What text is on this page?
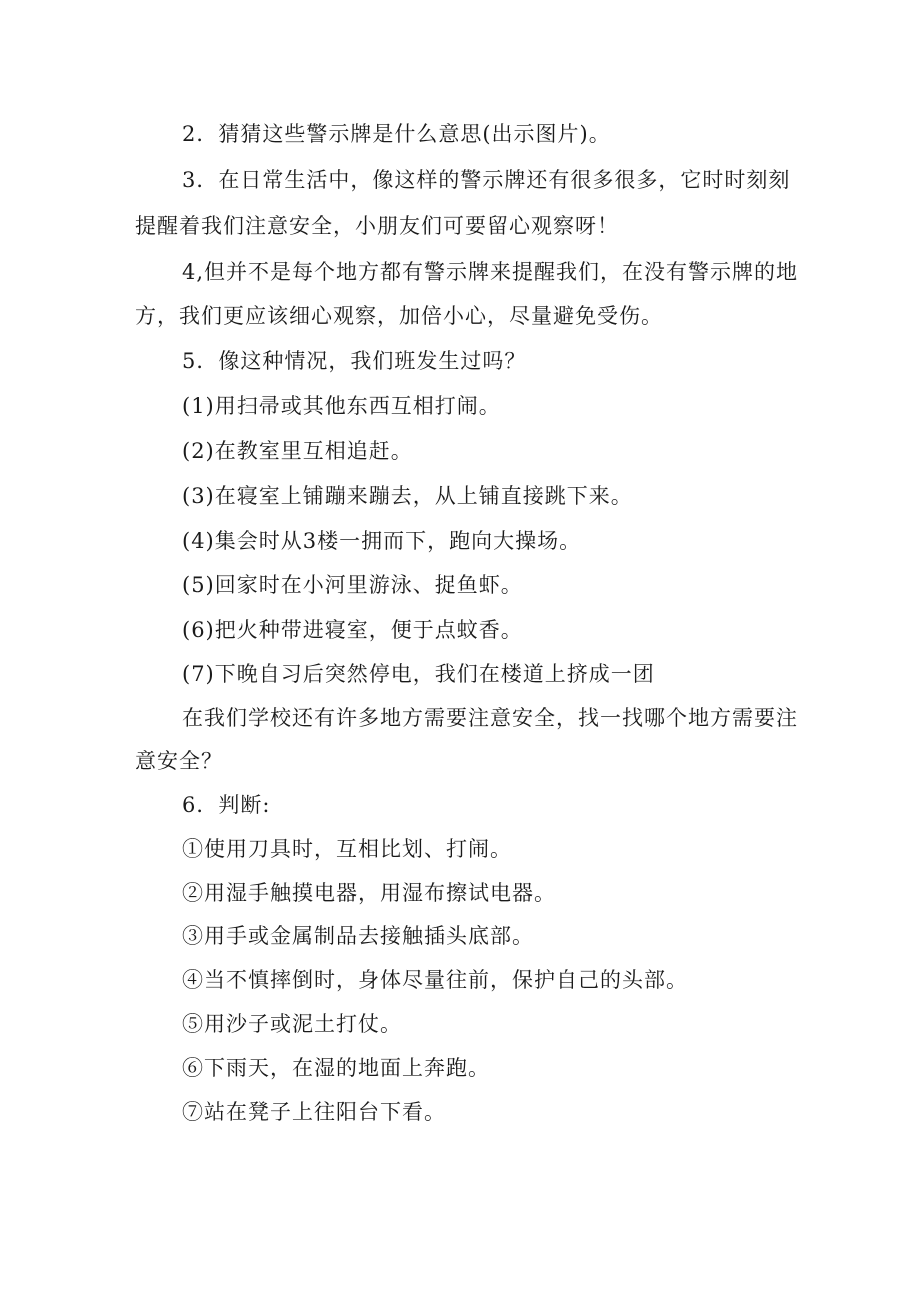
2．猜猜这些警示牌是什么意思(出示图片)。
3．在日常生活中，像这样的警示牌还有很多很多，它时时刻刻
提醒着我们注意安全，小朋友们可要留心观察呀！
4,但并不是每个地方都有警示牌来提醒我们，在没有警示牌的地
方，我们更应该细心观察，加倍小心，尽量避免受伤。
5．像这种情况，我们班发生过吗？
(1)用扫帚或其他东西互相打闹。
(2)在教室里互相追赶。
(3)在寝室上铺蹦来蹦去，从上铺直接跳下来。
(4)集会时从3楼一拥而下，跑向大操场。
(5)回家时在小河里游泳、捉鱼虾。
(6)把火种带进寝室，便于点蚊香。
(7)下晚自习后突然停电，我们在楼道上挤成一团
在我们学校还有许多地方需要注意安全，找一找哪个地方需要注
意安全？
6．判断:
①使用刀具时，互相比划、打闹。
②用湿手触摸电器，用湿布擦试电器。
③用手或金属制品去接触插头底部。
④当不慎摔倒时，身体尽量往前，保护自己的头部。
⑤用沙子或泥土打仗。
⑥下雨天，在湿的地面上奔跑。
⑦站在凳子上往阳台下看。
